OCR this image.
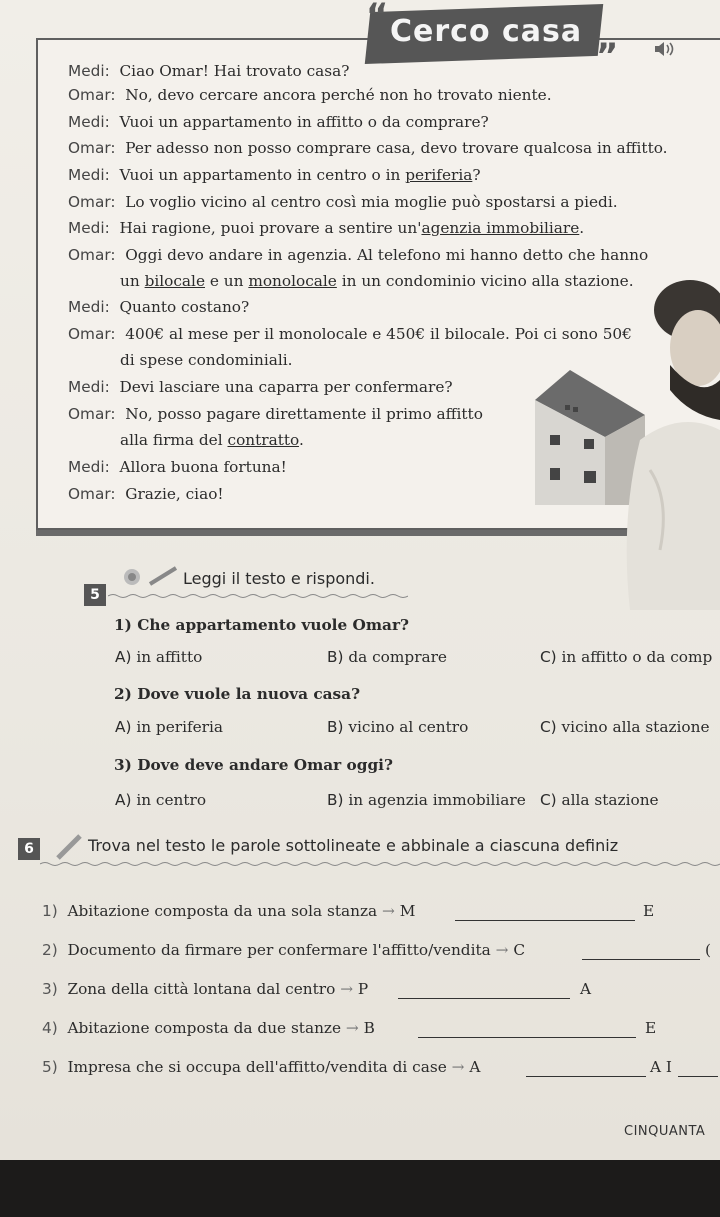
“ Cerco casa
”
Medi: Ciao Omar! Hai trovato casa?
Omar: No, devo cercare ancora perché non ho trovato niente.
Medi: Vuoi un appartamento in affitto o da comprare?
Omar: Per adesso non posso comprare casa, devo trovare qualcosa in affitto.
Medi: Vuoi un appartamento in centro o in periferia?
Omar: Lo voglio vicino al centro così mia moglie può spostarsi a piedi.
Medi: Hai ragione, puoi provare a sentire un'agenzia immobiliare.
Omar: Oggi devo andare in agenzia. Al telefono mi hanno detto che hanno
un bilocale e un monolocale in un condominio vicino alla stazione.
Medi: Quanto costano?
Omar: 400€ al mese per il monolocale e 450€ il bilocale. Poi ci sono 50€
di spese condominiali.
Medi: Devi lasciare una caparra per confermare?
Omar: No, posso pagare direttamente il primo affitto
alla firma del contratto.
Medi: Allora buona fortuna!
Omar: Grazie, ciao!
5
Leggi il testo e rispondi.
1) Che appartamento vuole Omar?
A) in affitto	B) da comprare	C) in affitto o da comp
2) Dove vuole la nuova casa?
A) in periferia	B) vicino al centro	C) vicino alla stazione
3) Dove deve andare Omar oggi?
A) in centro	B) in agenzia immobiliare C) alla stazione
6	Trova nel testo le parole sottolineate e abbinale a ciascuna definiz
1) Abitazione composta da una sola stanza → M	E
2) Documento da firmare per confermare l'affitto/vendita → C	(
3) Zona della città lontana dal centro → P	A
4) Abitazione composta da due stanze → B	E
5) Impresa che si occupa dell'affitto/vendita di case → A	A I
CINQUANTA
